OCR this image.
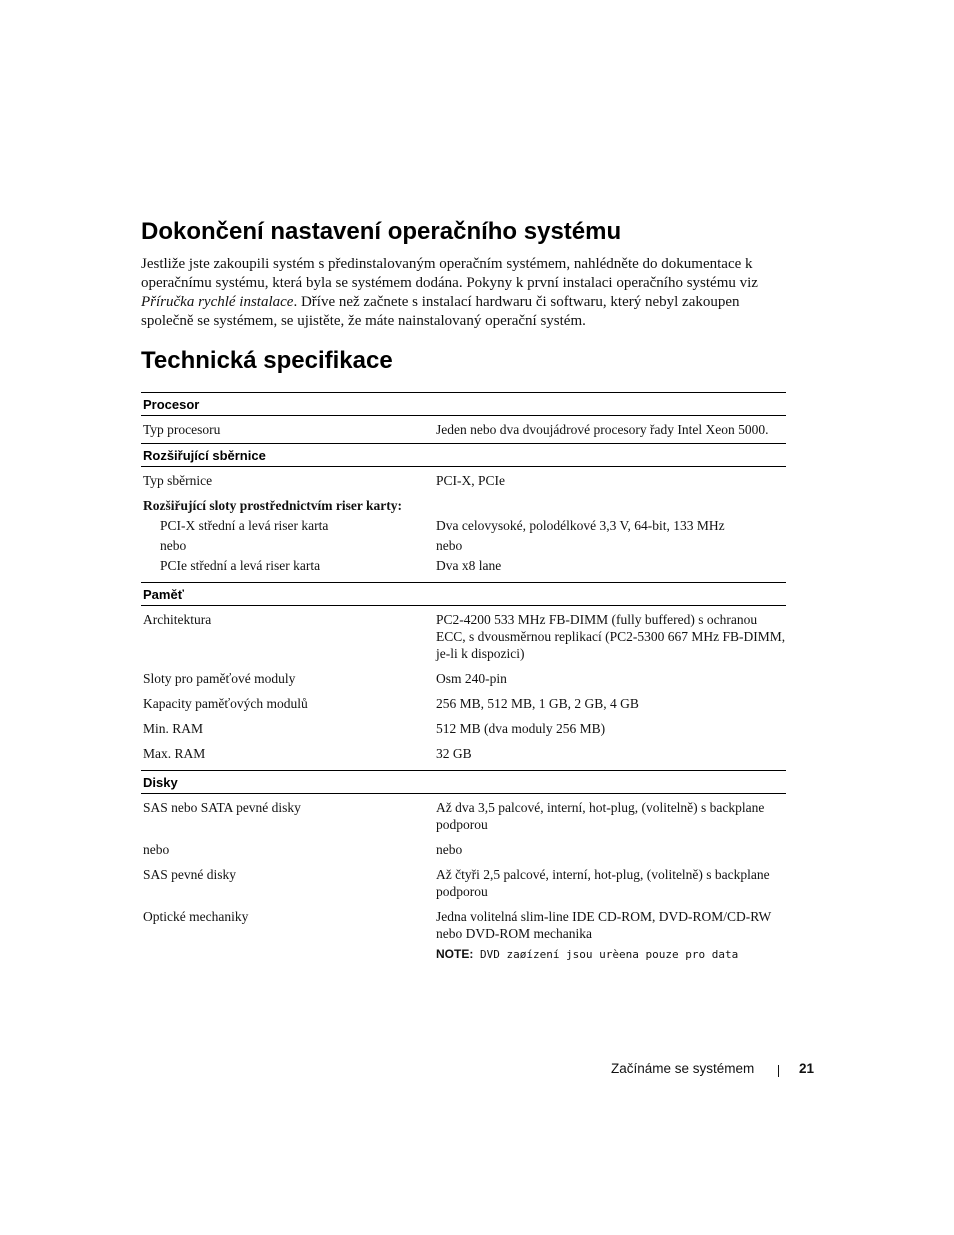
Dokončení nastavení operačního systému

Jestliže jste zakoupili systém s předinstalovaným operačním systémem, nahlédněte do dokumentace k operačnímu systému, která byla se systémem dodána. Pokyny k první instalaci operačního systému viz Příručka rychlé instalace. Dříve než začnete s instalací hardwaru či softwaru, který nebyl zakoupen společně se systémem, se ujistěte, že máte nainstalovaný operační systém.

Technická specifikace
Procesor
Typ procesoru	Jeden nebo dva dvoujádrové procesory řady Intel Xeon 5000.
Rozšiřující sběrnice
Typ sběrnice	PCI-X, PCIe
Rozšiřující sloty prostřednictvím riser karty:
PCI-X střední a levá riser karta	Dva celovysoké, polodélkové 3,3 V, 64-bit, 133 MHz
nebo	nebo
PCIe střední a levá riser karta	Dva x8 lane
Paměť
Architektura	PC2-4200 533 MHz FB-DIMM (fully buffered) s ochranou ECC, s dvousměrnou replikací (PC2-5300 667 MHz FB-DIMM, je-li k dispozici)
Sloty pro paměťové moduly	Osm 240-pin
Kapacity paměťových modulů	256 MB, 512 MB, 1 GB, 2 GB, 4 GB
Min. RAM	512 MB (dva moduly 256 MB)
Max. RAM	32 GB
Disky
SAS nebo SATA pevné disky	Až dva 3,5 palcové, interní, hot-plug, (volitelně) s backplane podporou
nebo	nebo
SAS pevné disky	Až čtyři 2,5 palcové, interní, hot-plug, (volitelně) s backplane podporou
Optické mechaniky	Jedna volitelná slim-line IDE CD-ROM, DVD-ROM/CD-RW nebo DVD-ROM mechanika
NOTE: DVD zaøízení jsou urèena pouze pro data
Začínáme se systémem	21
